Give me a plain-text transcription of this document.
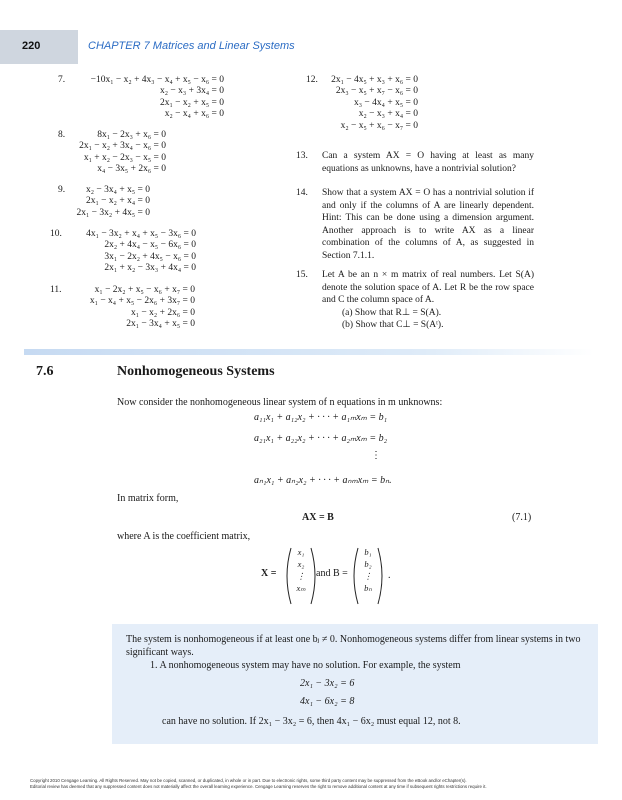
220	CHAPTER 7 Matrices and Linear Systems
7.	−10x₁ − x₂ + 4x₃ − x₄ + x₅ − x₆ = 0
x₂ − x₃ + 3x₄ = 0
2x₁ − x₂ + x₅ = 0
x₂ − x₄ + x₆ = 0
8.	8x₁ − 2x₃ + x₆ = 0
2x₁ − x₂ + 3x₄ − x₆ = 0
x₁ + x₂ − 2x₃ − x₅ = 0
x₄ − 3x₅ + 2x₆ = 0
9.	x₂ − 3x₄ + x₅ = 0
2x₁ − x₂ + x₄ = 0
2x₁ − 3x₂ + 4x₅ = 0
10.	4x₁ − 3x₂ + x₄ + x₅ − 3x₆ = 0
2x₂ + 4x₄ − x₅ − 6x₆ = 0
3x₁ − 2x₂ + 4x₅ − x₆ = 0
2x₁ + x₂ − 3x₃ + 4x₄ = 0
11.	x₁ − 2x₂ + x₅ − x₆ + x₇ = 0
x₁ − x₄ + x₅ − 2x₆ + 3x₇ = 0
x₁ − x₂ + 2x₆ = 0
2x₁ − 3x₄ + x₅ = 0
12.	2x₁ − 4x₅ + x₃ + x₆ = 0
2x₃ − x₅ + x₇ − x₆ = 0
x₃ − 4x₄ + x₅ = 0
x₂ − x₃ + x₄ = 0
x₂ − x₅ + x₆ − x₇ = 0
13. Can a system AX = O having at least as many equations as unknowns, have a nontrivial solution?

14. Show that a system AX = O has a nontrivial solution if and only if the columns of A are linearly dependent. Hint: This can be done using a dimension argument. Another approach is to write AX as a linear combination of the columns of A, as suggested in Section 7.1.1.

15. Let A be an n × m matrix of real numbers. Let S(A) denote the solution space of A. Let R be the row space and C the column space of A.

(a) Show that R⊥ = S(A).

(b) Show that C⊥ = S(Aᵗ).

7.6	Nonhomogeneous Systems
Now consider the nonhomogeneous linear system of n equations in m unknowns:
a₁₁x₁ + a₁₂x₂ + · · · + a₁ₘxₘ = b₁
a₂₁x₁ + a₂₂x₂ + · · · + a₂ₘxₘ = b₂
⋮
aₙ₁x₁ + aₙ₂x₂ + · · · + aₙₘxₘ = bₙ.
In matrix form,
AX = B	(7.1)
where A is the coefficient matrix,
X =
x₁
x₂
⋮
xₘ
and B =
b₁
b₂
⋮
bₙ
.
The system is nonhomogeneous if at least one bⱼ ≠ 0. Nonhomogeneous systems differ from linear systems in two significant ways.
1. A nonhomogeneous system may have no solution. For example, the system
2x₁ − 3x₂ = 6
4x₁ − 6x₂ = 8
can have no solution. If 2x₁ − 3x₂ = 6, then 4x₁ − 6x₂ must equal 12, not 8.
Copyright 2010 Cengage Learning. All Rights Reserved. May not be copied, scanned, or duplicated, in whole or in part. Due to electronic rights, some third party content may be suppressed from the eBook and/or eChapter(s).
Editorial review has deemed that any suppressed content does not materially affect the overall learning experience. Cengage Learning reserves the right to remove additional content at any time if subsequent rights restrictions require it.
